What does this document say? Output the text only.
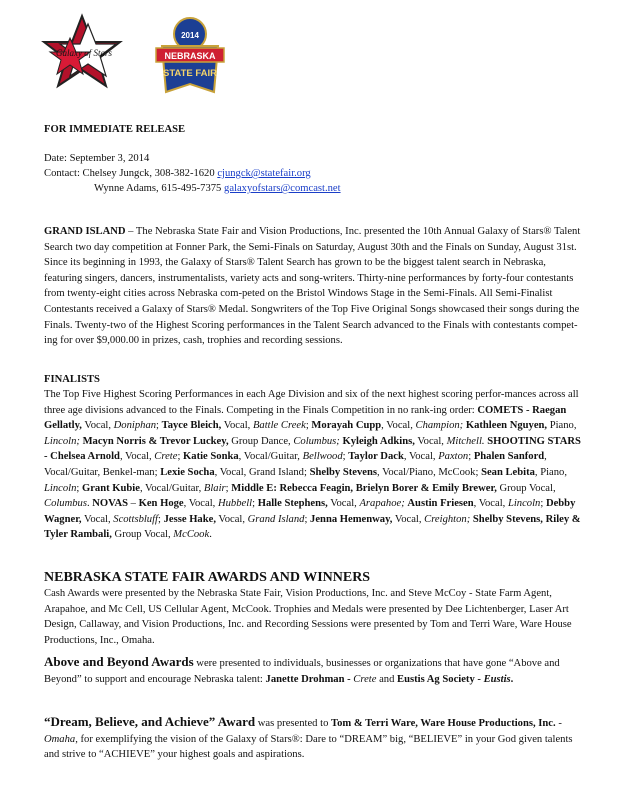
Galaxy of Stars
2014
NEBRASKA
STATE FAIR
FOR IMMEDIATE RELEASE
Date: September 3, 2014
Contact: Chelsey Jungck, 308-382-1620 cjungck@statefair.org
Wynne Adams, 615-495-7375 galaxyofstars@comcast.net
GRAND ISLAND – The Nebraska State Fair and Vision Productions, Inc. presented the 10th Annual Galaxy of Stars® Talent Search two day competition at Fonner Park, the Semi-Finals on Saturday, August 30th and the Finals on Sunday, August 31st. Since its beginning in 1993, the Galaxy of Stars® Talent Search has grown to be the biggest talent search in Nebraska, featuring singers, dancers, instrumentalists, variety acts and song-writers. Thirty-nine performances by forty-four contestants from twenty-eight cities across Nebraska com-peted on the Bristol Windows Stage in the Semi-Finals. All Semi-Finalist Contestants received a Galaxy of Stars® Medal. Songwriters of the Top Five Original Songs showcased their songs during the Finals. Twenty-two of the Highest Scoring performances in the Talent Search advanced to the Finals with contestants compet-ing for over $9,000.00 in prizes, cash, trophies and recording sessions.
FINALISTS
The Top Five Highest Scoring Performances in each Age Division and six of the next highest scoring perfor-mances across all three age divisions advanced to the Finals. Competing in the Finals Competition in no rank-ing order: COMETS - Raegan Gellatly, Vocal, Doniphan; Tayce Bleich, Vocal, Battle Creek; Morayah Cupp, Vocal, Champion; Kathleen Nguyen, Piano, Lincoln; Macyn Norris & Trevor Luckey, Group Dance, Columbus; Kyleigh Adkins, Vocal, Mitchell. SHOOTING STARS - Chelsea Arnold, Vocal, Crete; Katie Sonka, Vocal/Guitar, Bellwood; Taylor Dack, Vocal, Paxton; Phalen Sanford, Vocal/Guitar, Benkel-man; Lexie Socha, Vocal, Grand Island; Shelby Stevens, Vocal/Piano, McCook; Sean Lebita, Piano, Lincoln; Grant Kubie, Vocal/Guitar, Blair; Middle E: Rebecca Feagin, Brielyn Borer & Emily Brewer, Group Vocal, Columbus. NOVAS – Ken Hoge, Vocal, Hubbell; Halle Stephens, Vocal, Arapahoe; Austin Friesen, Vocal, Lincoln; Debby Wagner, Vocal, Scottsbluff; Jesse Hake, Vocal, Grand Island; Jenna Hemenway, Vocal, Creighton; Shelby Stevens, Riley & Tyler Rambali, Group Vocal, McCook.
NEBRASKA STATE FAIR AWARDS AND WINNERS
Cash Awards were presented by the Nebraska State Fair, Vision Productions, Inc. and Steve McCoy - State Farm Agent, Arapahoe, and Mc Cell, US Cellular Agent, McCook. Trophies and Medals were presented by Dee Lichtenberger, Laser Art Design, Callaway, and Vision Productions, Inc. and Recording Sessions were presented by Tom and Terri Ware, Ware House Productions, Inc., Omaha.
Above and Beyond Awards were presented to individuals, businesses or organizations that have gone “Above and Beyond” to support and encourage Nebraska talent: Janette Drohman - Crete and Eustis Ag Society - Eustis.
“Dream, Believe, and Achieve” Award was presented to Tom & Terri Ware, Ware House Productions, Inc. - Omaha, for exemplifying the vision of the Galaxy of Stars®: Dare to “DREAM” big, “BELIEVE” in your God given talents and strive to “ACHIEVE” your highest goals and aspirations.
